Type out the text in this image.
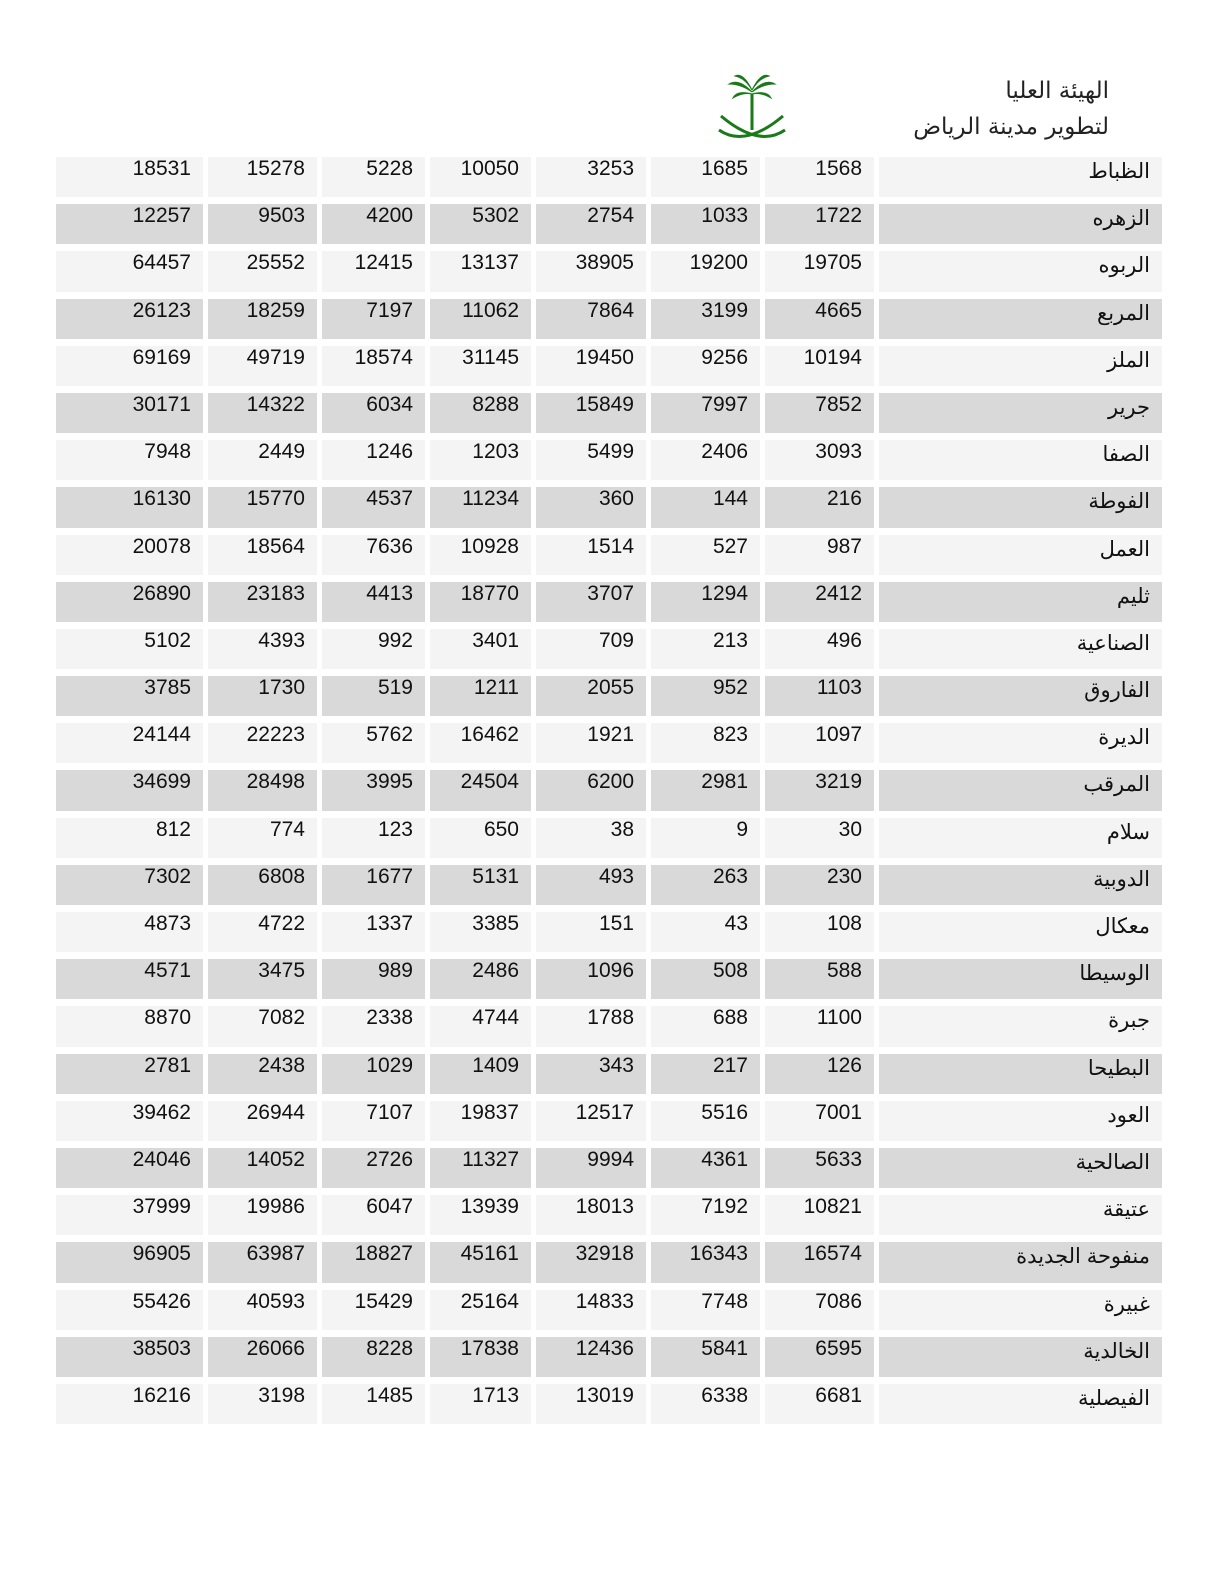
الهيئة العليا
لتطوير مدينة الرياض
18531	15278	5228	10050	3253	1685	1568	الظباط
12257	9503	4200	5302	2754	1033	1722	الزهره
64457	25552	12415	13137	38905	19200	19705	الربوه
26123	18259	7197	11062	7864	3199	4665	المربع
69169	49719	18574	31145	19450	9256	10194	الملز
30171	14322	6034	8288	15849	7997	7852	جرير
7948	2449	1246	1203	5499	2406	3093	الصفا
16130	15770	4537	11234	360	144	216	الفوطة
20078	18564	7636	10928	1514	527	987	العمل
26890	23183	4413	18770	3707	1294	2412	ثليم
5102	4393	992	3401	709	213	496	الصناعية
3785	1730	519	1211	2055	952	1103	الفاروق
24144	22223	5762	16462	1921	823	1097	الديرة
34699	28498	3995	24504	6200	2981	3219	المرقب
812	774	123	650	38	9	30	سلام
7302	6808	1677	5131	493	263	230	الدوبية
4873	4722	1337	3385	151	43	108	معكال
4571	3475	989	2486	1096	508	588	الوسيطا
8870	7082	2338	4744	1788	688	1100	جبرة
2781	2438	1029	1409	343	217	126	البطيحا
39462	26944	7107	19837	12517	5516	7001	العود
24046	14052	2726	11327	9994	4361	5633	الصالحية
37999	19986	6047	13939	18013	7192	10821	عتيقة
96905	63987	18827	45161	32918	16343	16574	منفوحة الجديدة
55426	40593	15429	25164	14833	7748	7086	غبيرة
38503	26066	8228	17838	12436	5841	6595	الخالدية
16216	3198	1485	1713	13019	6338	6681	الفيصلية
